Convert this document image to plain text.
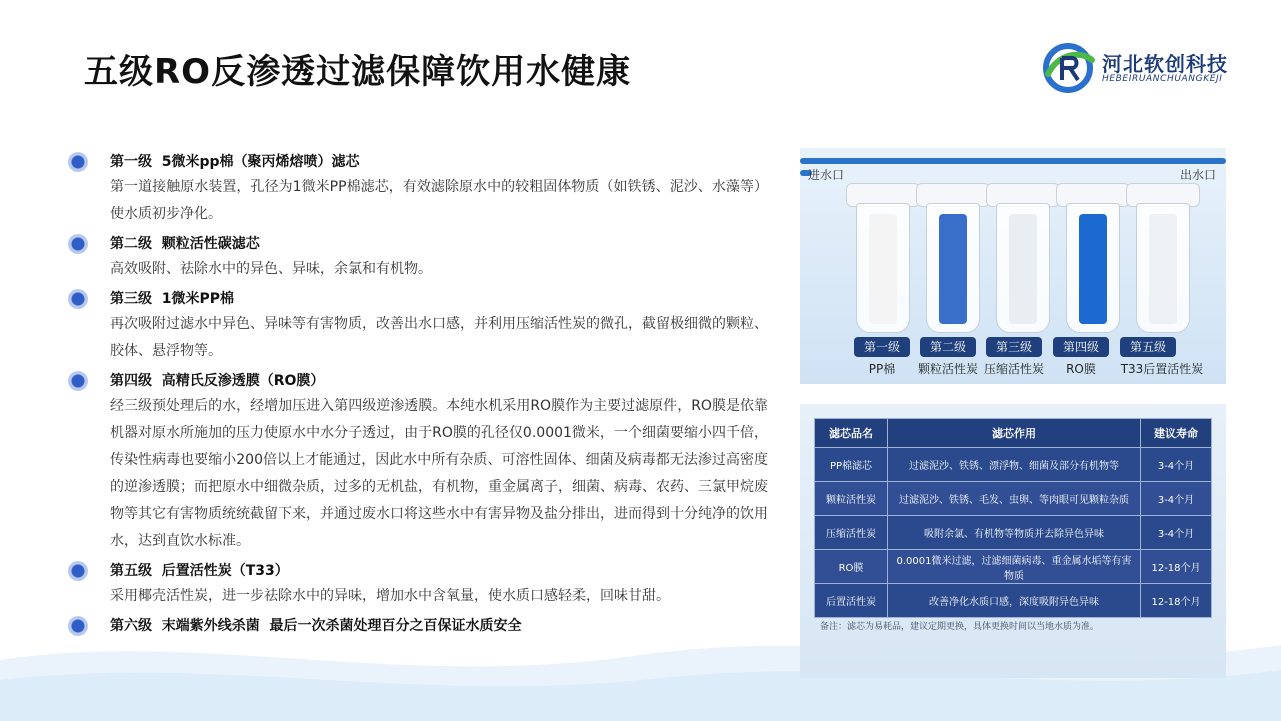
五级RO反渗透过滤保障饮用水健康	河北软创科技
HEBEIRUANCHUANGKEJI
第一级  5微米pp棉（聚丙烯熔喷）滤芯
第一道接触原水装置，孔径为1微米PP棉滤芯，有效滤除原水中的较粗固体物质（如铁锈、泥沙、水藻等）使水质初步净化。
第二级  颗粒活性碳滤芯
高效吸附、祛除水中的异色、异味，余氯和有机物。
第三级  1微米PP棉
再次吸附过滤水中异色、异味等有害物质，改善出水口感，并利用压缩活性炭的微孔，截留极细微的颗粒、胶体、悬浮物等。
第四级  高精氏反渗透膜（RO膜）
经三级预处理后的水，经增加压进入第四级逆渗透膜。本纯水机采用RO膜作为主要过滤原件，RO膜是依靠机器对原水所施加的压力使原水中水分子透过，由于RO膜的孔径仅0.0001微米，一个细菌要缩小四千倍，传染性病毒也要缩小200倍以上才能通过，因此水中所有杂质、可溶性固体、细菌及病毒都无法渗过高密度的逆渗透膜；而把原水中细微杂质，过多的无机盐，有机物，重金属离子，细菌、病毒、农药、三氯甲烷废物等其它有害物质统统截留下来，并通过废水口将这些水中有害异物及盐分排出，进而得到十分纯净的饮用水，达到直饮水标准。
第五级  后置活性炭（T33）
采用椰壳活性炭，进一步祛除水中的异味，增加水中含氧量，使水质口感轻柔，回味甘甜。
第六级  末端紫外线杀菌  最后一次杀菌处理百分之百保证水质安全
进水口	出水口
第一级	第二级	第三级	第四级	第五级
PP棉	颗粒活性炭 压缩活性炭	RO膜	T33后置活性炭
滤芯品名	滤芯作用	建议寿命
PP棉滤芯	过滤泥沙、铁锈、漂浮物、细菌及部分有机物等	3-4个月
颗粒活性炭	过滤泥沙、铁锈、毛发、虫卵、等肉眼可见颗粒杂质	3-4个月
压缩活性炭	吸附余氯、有机物等物质并去除异色异味	3-4个月
RO膜	0.0001微米过滤，过滤细菌病毒、重金属水垢等有害物质	12-18个月
后置活性炭	改善净化水质口感，深度吸附异色异味	12-18个月
备注：滤芯为易耗品，建议定期更换，具体更换时间以当地水质为准。
